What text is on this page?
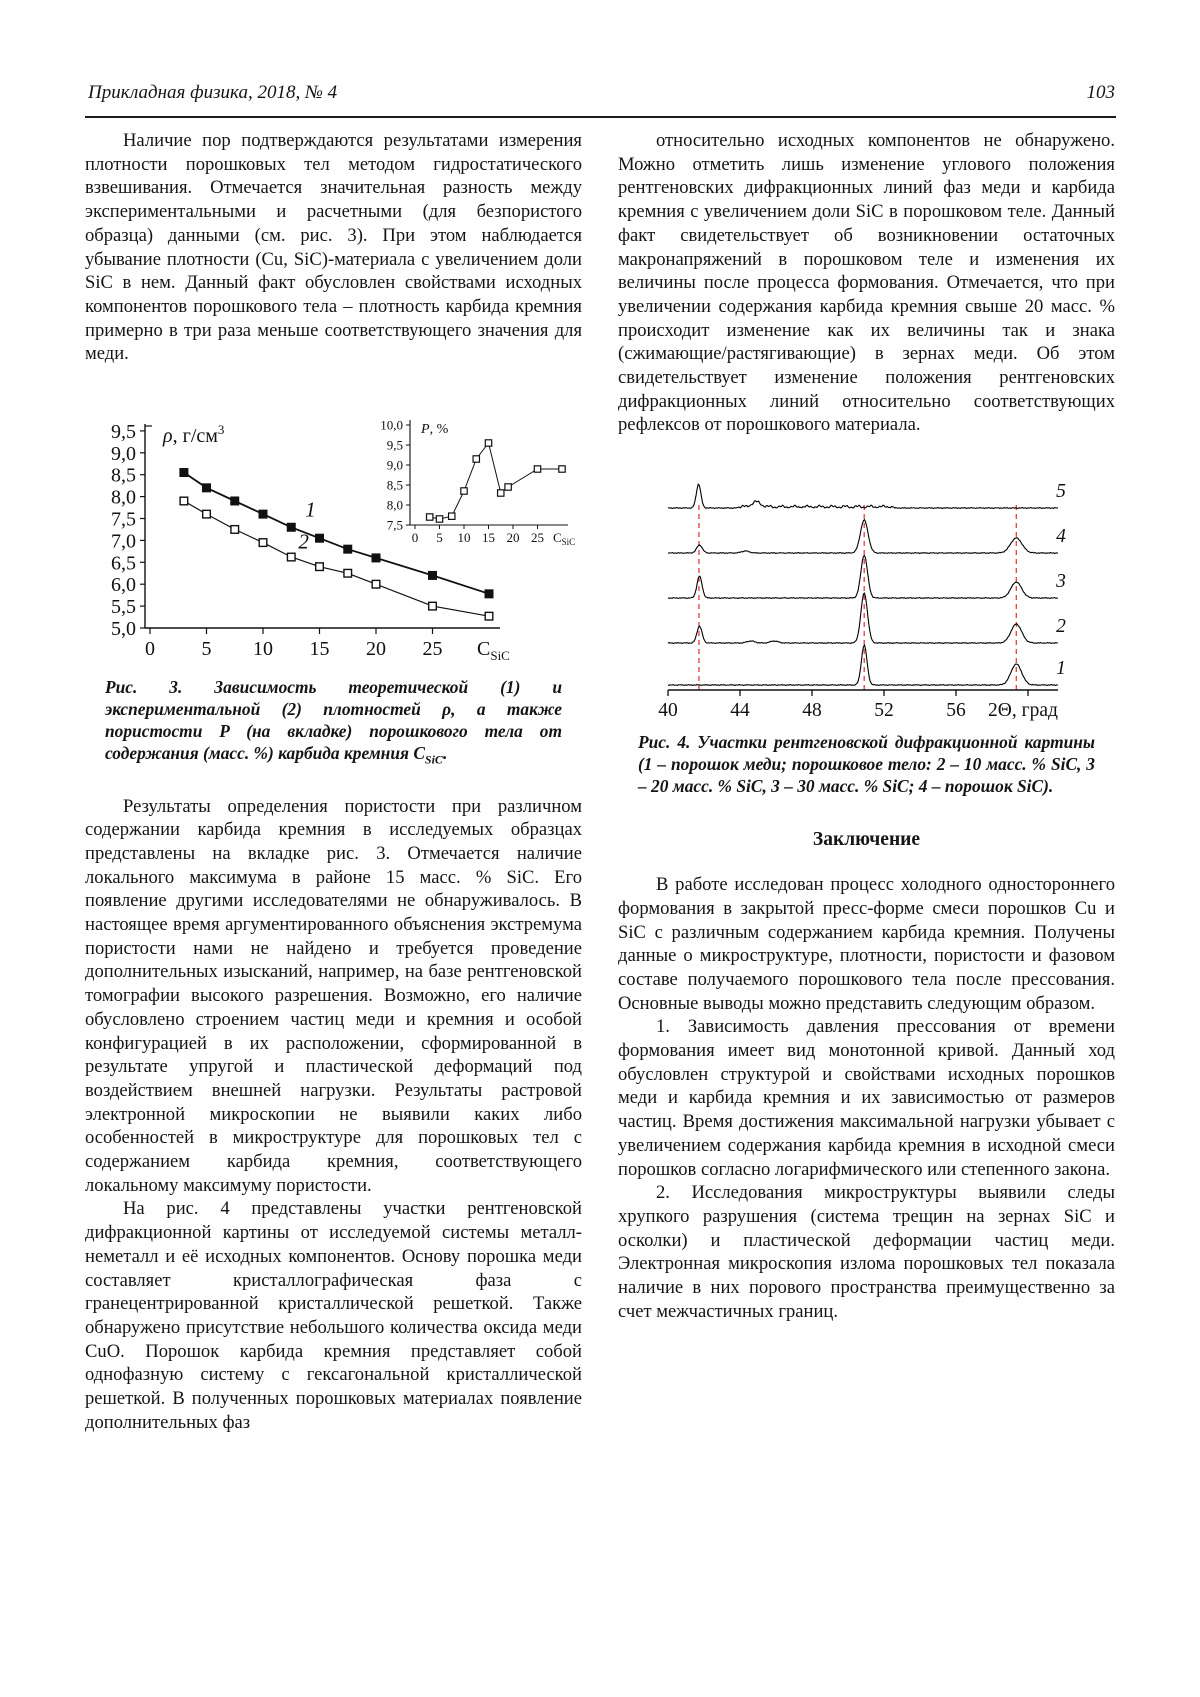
Прикладная физика, 2018, № 4	103

Наличие пор подтверждаются результатами измерения плотности порошковых тел методом гидростатического взвешивания. Отмечается значительная разность между экспериментальными и расчетными (для безпористого образца) данными (см. рис. 3). При этом наблюдается убывание плотности (Cu, SiC)-материала с увеличением доли SiC в нем. Данный факт обусловлен свойствами исходных компонентов порошкового тела – плотность карбида кремния примерно в три раза меньше соответствующего значения для меди.

5,0
5,5
6,0
6,5
7,0
7,5
8,0
8,5
9,0
9,5
0 5 10 15 20 25 $C_{SiC}$
ρ, $г/см^3$
1
2
7,5
8,0
8,5
9,0
9,5
10,0
0 5 10 15 20 25 $C_{SiC}$
P, %
Рис. 3. Зависимость теоретической (1) и экспериментальной (2) плотностей ρ, а также пористости P (на вкладке) порошкового тела от содержания (масс. %) карбида кремния $C_{SiC}$.

Результаты определения пористости при различном содержании карбида кремния в исследуемых образцах представлены на вкладке рис. 3. Отмечается наличие локального максимума в районе 15 масс. % SiC. Его появление другими исследователями не обнаруживалось. В настоящее время аргументированного объяснения экстремума пористости нами не найдено и требуется проведение дополнительных изысканий, например, на базе рентгеновской томографии высокого разрешения. Возможно, его наличие обусловлено строением частиц меди и кремния и особой конфигурацией в их расположении, сформированной в результате упругой и пластической деформаций под воздействием внешней нагрузки. Результаты растровой электронной микроскопии не выявили каких либо особенностей в микроструктуре для порошковых тел с содержанием карбида кремния, соответствующего локальному максимуму пористости.

На рис. 4 представлены участки рентгеновской дифракционной картины от исследуемой системы металл-неметалл и её исходных компонентов. Основу порошка меди составляет кристаллографическая фаза с гранецентрированной кристаллической решеткой. Также обнаружено присутствие небольшого количества оксида меди CuO. Порошок карбида кремния представляет собой однофазную систему с гексагональной кристаллической решеткой. В полученных порошковых материалах появление дополнительных фаз

относительно исходных компонентов не обнаружено. Можно отметить лишь изменение углового положения рентгеновских дифракционных линий фаз меди и карбида кремния с увеличением доли SiC в порошковом теле. Данный факт свидетельствует об возникновении остаточных макронапряжений в порошковом теле и изменения их величины после процесса формования. Отмечается, что при увеличении содержания карбида кремния свыше 20 масс. % происходит изменение как их величины так и знака (сжимающие/растягивающие) в зернах меди. Об этом свидетельствует изменение положения рентгеновских дифракционных линий относительно соответствующих рефлексов от порошкового материала.

40	44	48	52	56 2Θ, град
1
2
3
4
5
Рис. 4. Участки рентгеновской дифракционной картины (1 – порошок меди; порошковое тело: 2 – 10 масс. % SiC, 3 – 20 масс. % SiC, 3 – 30 масс. % SiC; 4 – порошок SiC).
Заключение

В работе исследован процесс холодного одностороннего формования в закрытой пресс-форме смеси порошков Cu и SiC с различным содержанием карбида кремния. Получены данные о микроструктуре, плотности, пористости и фазовом составе получаемого порошкового тела после прессования. Основные выводы можно представить следующим образом.

1. Зависимость давления прессования от времени формования имеет вид монотонной кривой. Данный ход обусловлен структурой и свойствами исходных порошков меди и карбида кремния и их зависимостью от размеров частиц. Время достижения максимальной нагрузки убывает с увеличением содержания карбида кремния в исходной смеси порошков согласно логарифмического или степенного закона.

2. Исследования микроструктуры выявили следы хрупкого разрушения (система трещин на зернах SiC и осколки) и пластической деформации частиц меди. Электронная микроскопия излома порошковых тел показала наличие в них порового пространства преимущественно за счет межчастичных границ.
